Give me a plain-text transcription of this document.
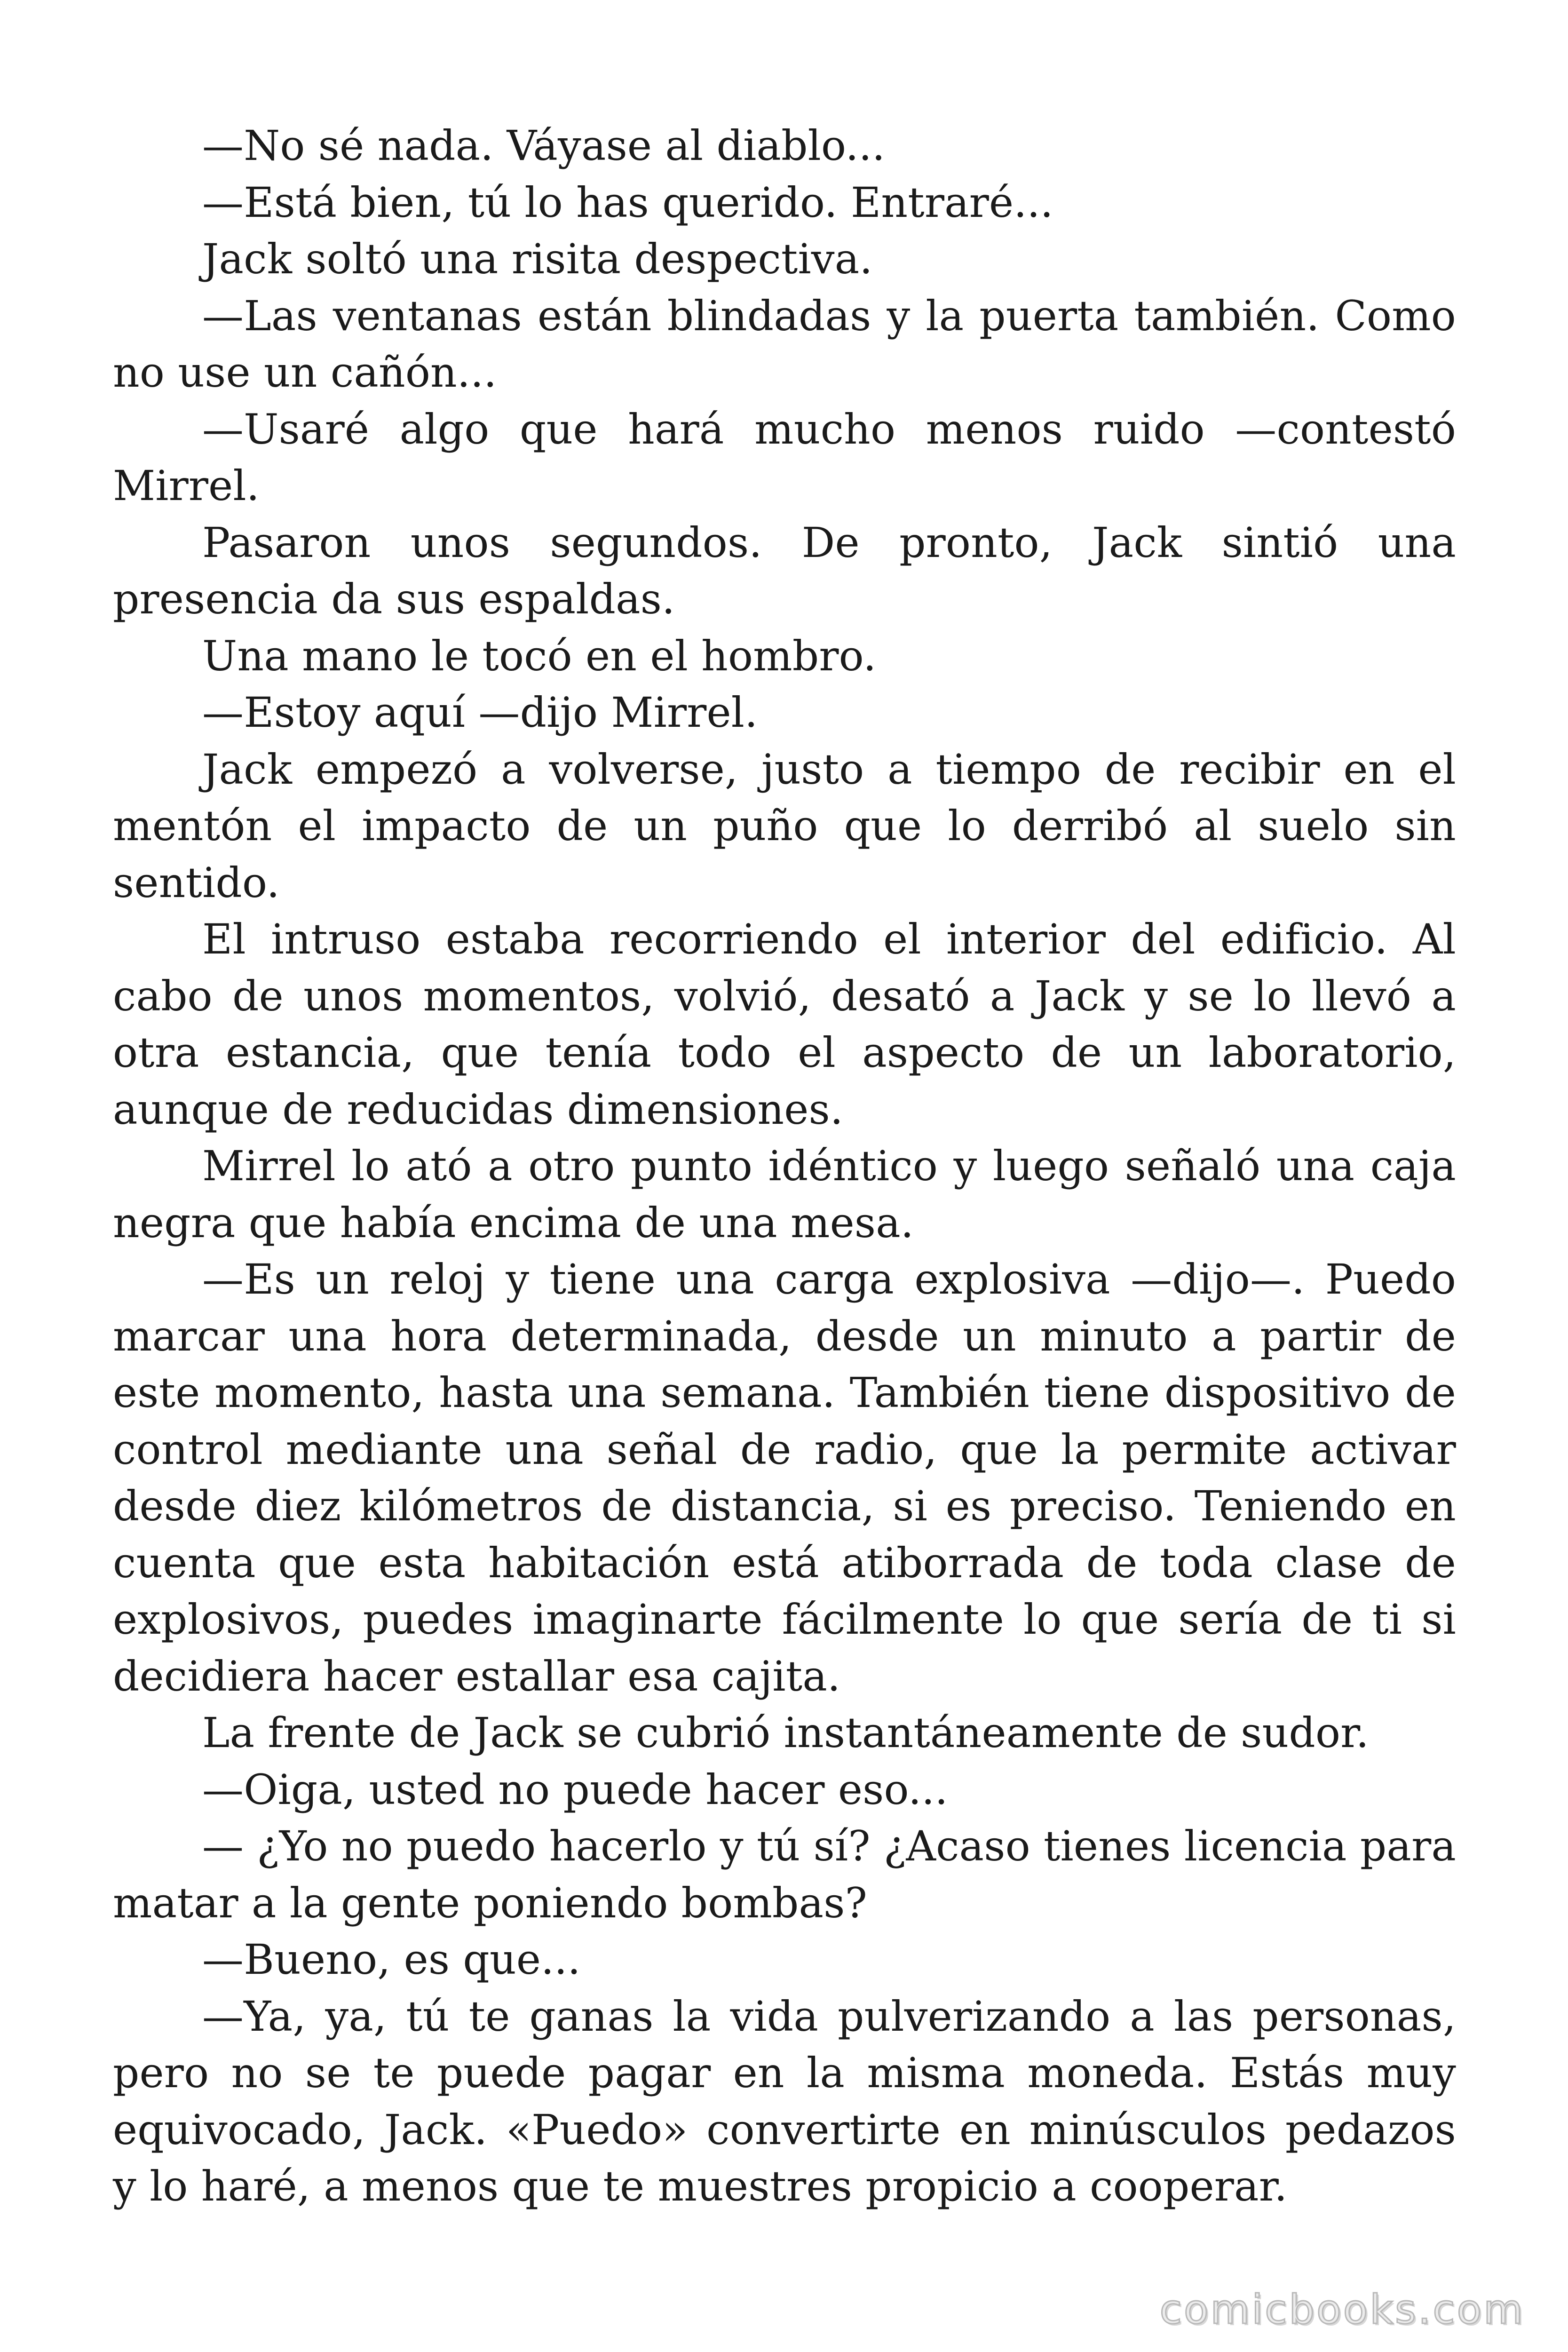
—No sé nada. Váyase al diablo...

—Está bien, tú lo has querido. Entraré...

Jack soltó una risita despectiva.

—Las ventanas están blindadas y la puerta también. Como no use un cañón...

—Usaré algo que hará mucho menos ruido —contestó Mirrel.

Pasaron unos segundos. De pronto, Jack sintió una presencia da sus espaldas.

Una mano le tocó en el hombro.

—Estoy aquí —dijo Mirrel.

Jack empezó a volverse, justo a tiempo de recibir en el mentón el impacto de un puño que lo derribó al suelo sin sentido.

El intruso estaba recorriendo el interior del edificio. Al cabo de unos momentos, volvió, desató a Jack y se lo llevó a otra estancia, que tenía todo el aspecto de un laboratorio, aunque de reducidas dimensiones.

Mirrel lo ató a otro punto idéntico y luego señaló una caja negra que había encima de una mesa.

—Es un reloj y tiene una carga explosiva —dijo—. Puedo marcar una hora determinada, desde un minuto a partir de este momento, hasta una semana. También tiene dispositivo de control mediante una señal de radio, que la permite activar desde diez kilómetros de distancia, si es preciso. Teniendo en cuenta que esta habitación está atiborrada de toda clase de explosivos, puedes imaginarte fácilmente lo que sería de ti si decidiera hacer estallar esa cajita.

La frente de Jack se cubrió instantáneamente de sudor.

—Oiga, usted no puede hacer eso...

— ¿Yo no puedo hacerlo y tú sí? ¿Acaso tienes licencia para matar a la gente poniendo bombas?

—Bueno, es que...

—Ya, ya, tú te ganas la vida pulverizando a las personas, pero no se te puede pagar en la misma moneda. Estás muy equivocado, Jack. «Puedo» convertirte en minúsculos pedazos y lo haré, a menos que te muestres propicio a cooperar.

comicbooks.com
